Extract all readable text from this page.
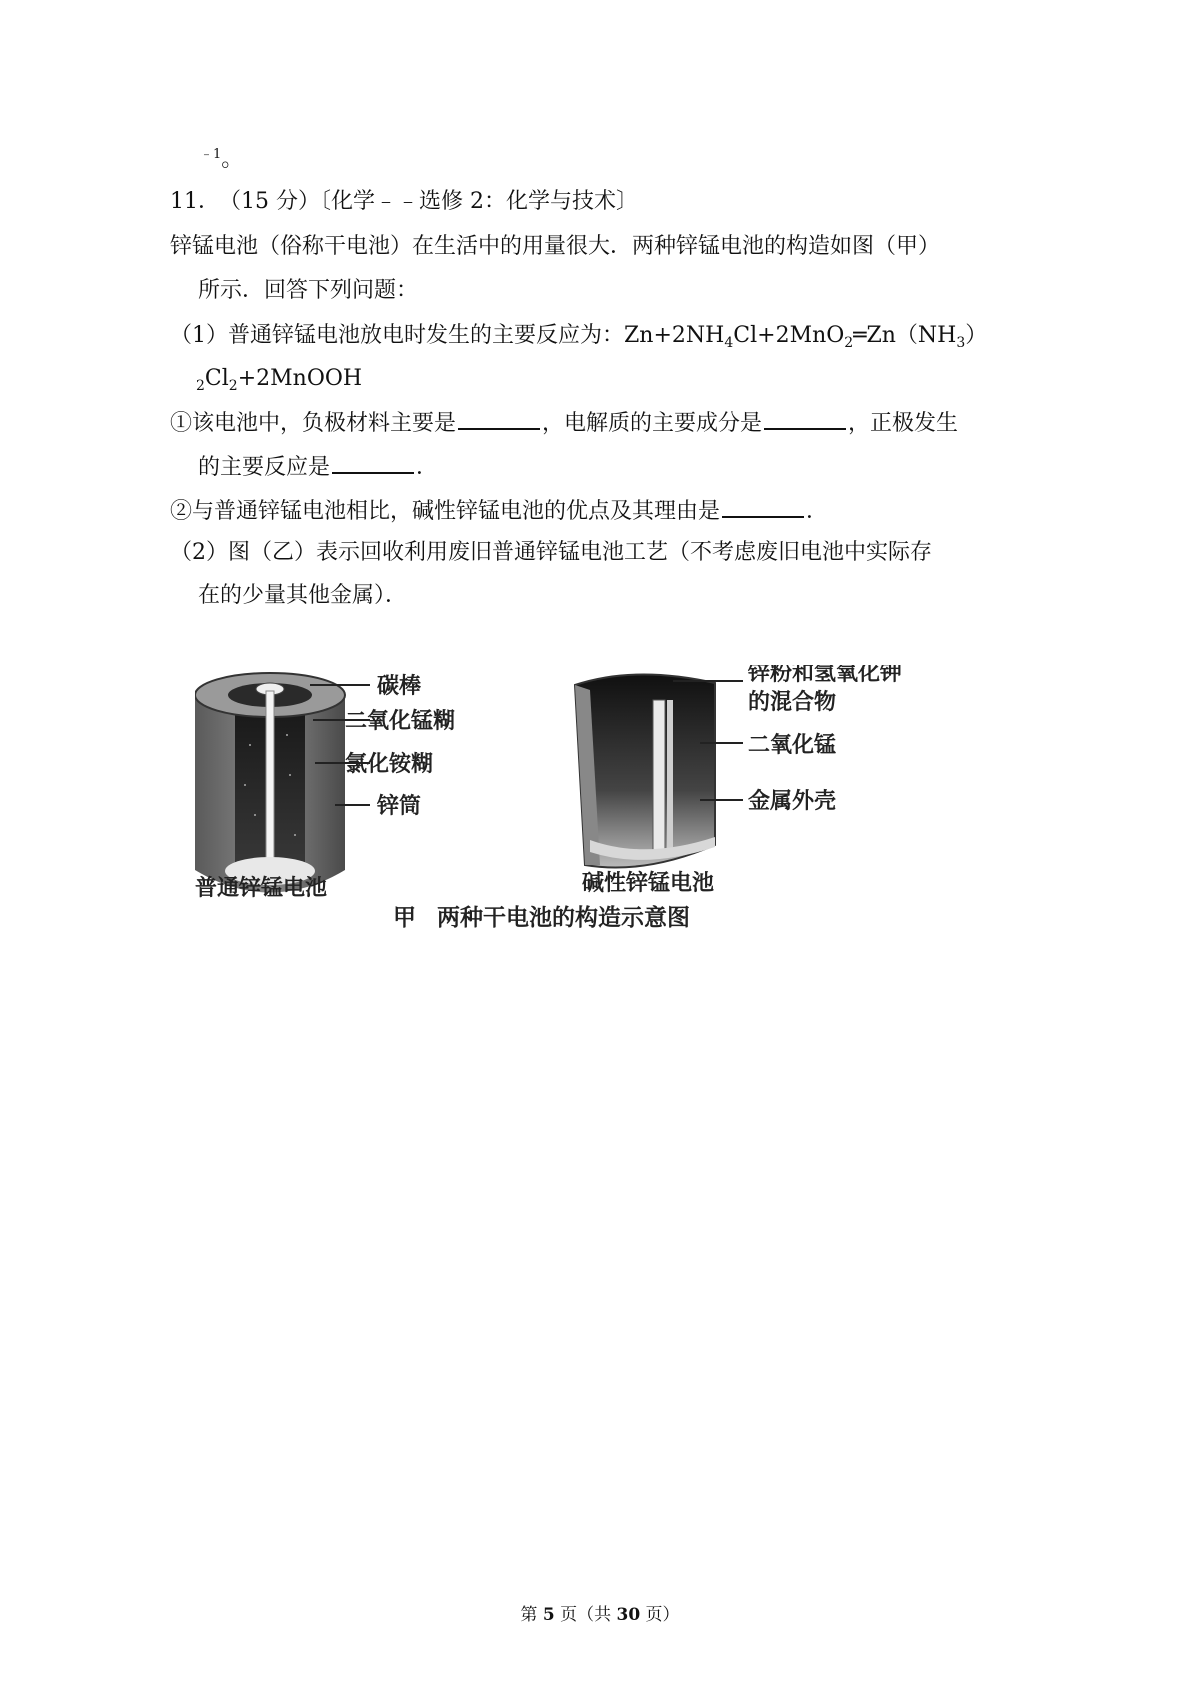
$^{﹣1}$。
11． （15 分）〔化学﹣﹣选修 2：化学与技术〕
锌锰电池（俗称干电池）在生活中的用量很大．两种锌锰电池的构造如图（甲）
所示．回答下列问题：
（1）普通锌锰电池放电时发生的主要反应为：$Zn+2NH_4Cl+2MnO_2═Zn(NH_3)$
$_2Cl_2+2MnOOH$
①该电池中，负极材料主要是	，电解质的主要成分是	，正极发生
的主要反应是	．
②与普通锌锰电池相比，碱性锌锰电池的优点及其理由是	．
（2）图（乙）表示回收利用废旧普通锌锰电池工艺（不考虑废旧电池中实际存
在的少量其他金属）．
碳棒
二氧化锰糊
氯化铵糊
锌筒
普通锌锰电池
锌粉和氢氧化钾
的混合物
二氧化锰
金属外壳
碱性锌锰电池
甲 两种干电池的构造示意图
第 5 页（共 30 页）
